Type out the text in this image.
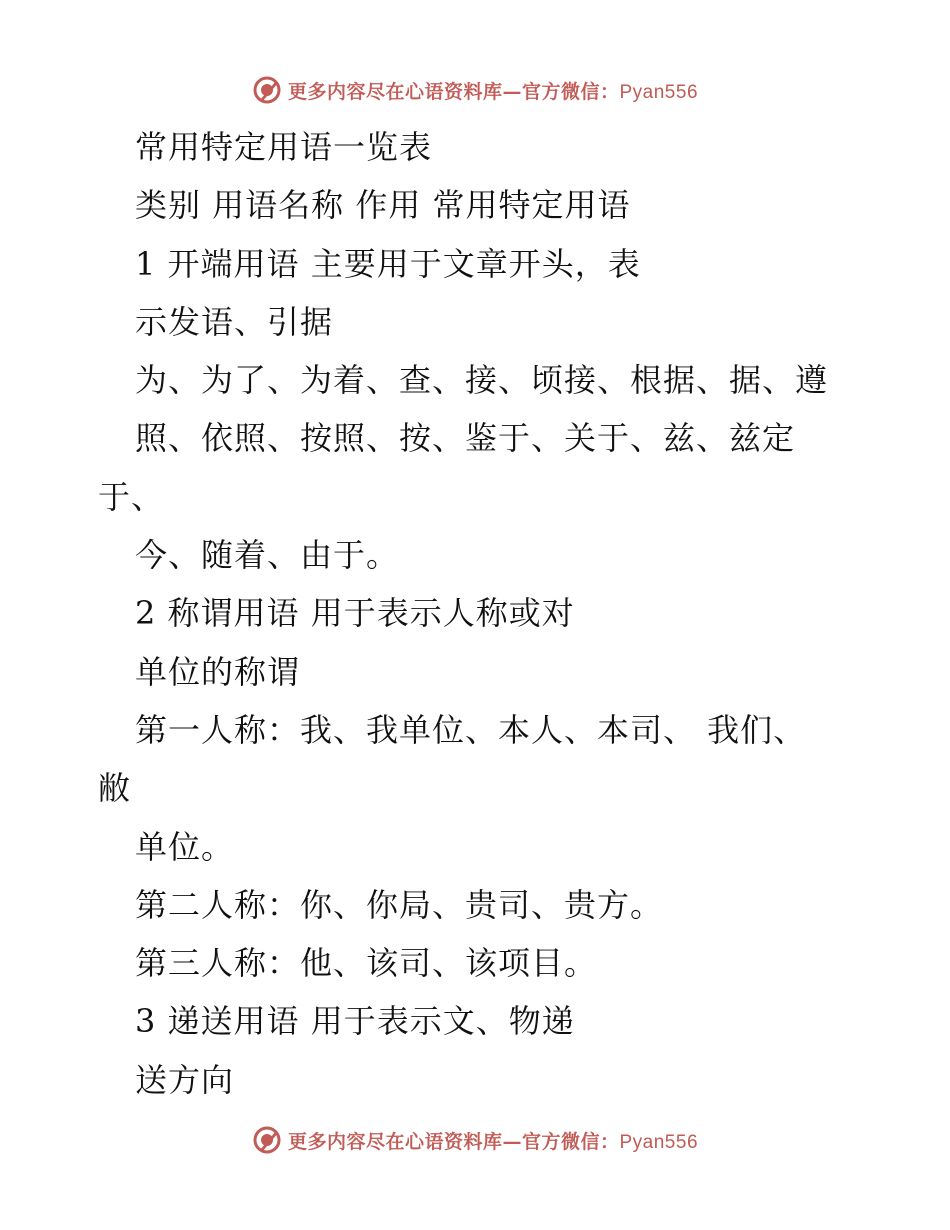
更多内容尽在心语资料库—官方微信：Pyan556
常用特定用语一览表
类别 用语名称 作用 常用特定用语
1 开端用语 主要用于文章开头，表
示发语、引据
为、为了、为着、查、接、顷接、根据、据、遵
照、依照、按照、按、鉴于、关于、兹、兹定
于、
今、随着、由于。
2 称谓用语 用于表示人称或对
单位的称谓
第一人称：我、我单位、本人、本司、 我们、
敝
单位。
第二人称：你、你局、贵司、贵方。
第三人称：他、该司、该项目。
3 递送用语 用于表示文、物递
送方向
更多内容尽在心语资料库—官方微信：Pyan556
